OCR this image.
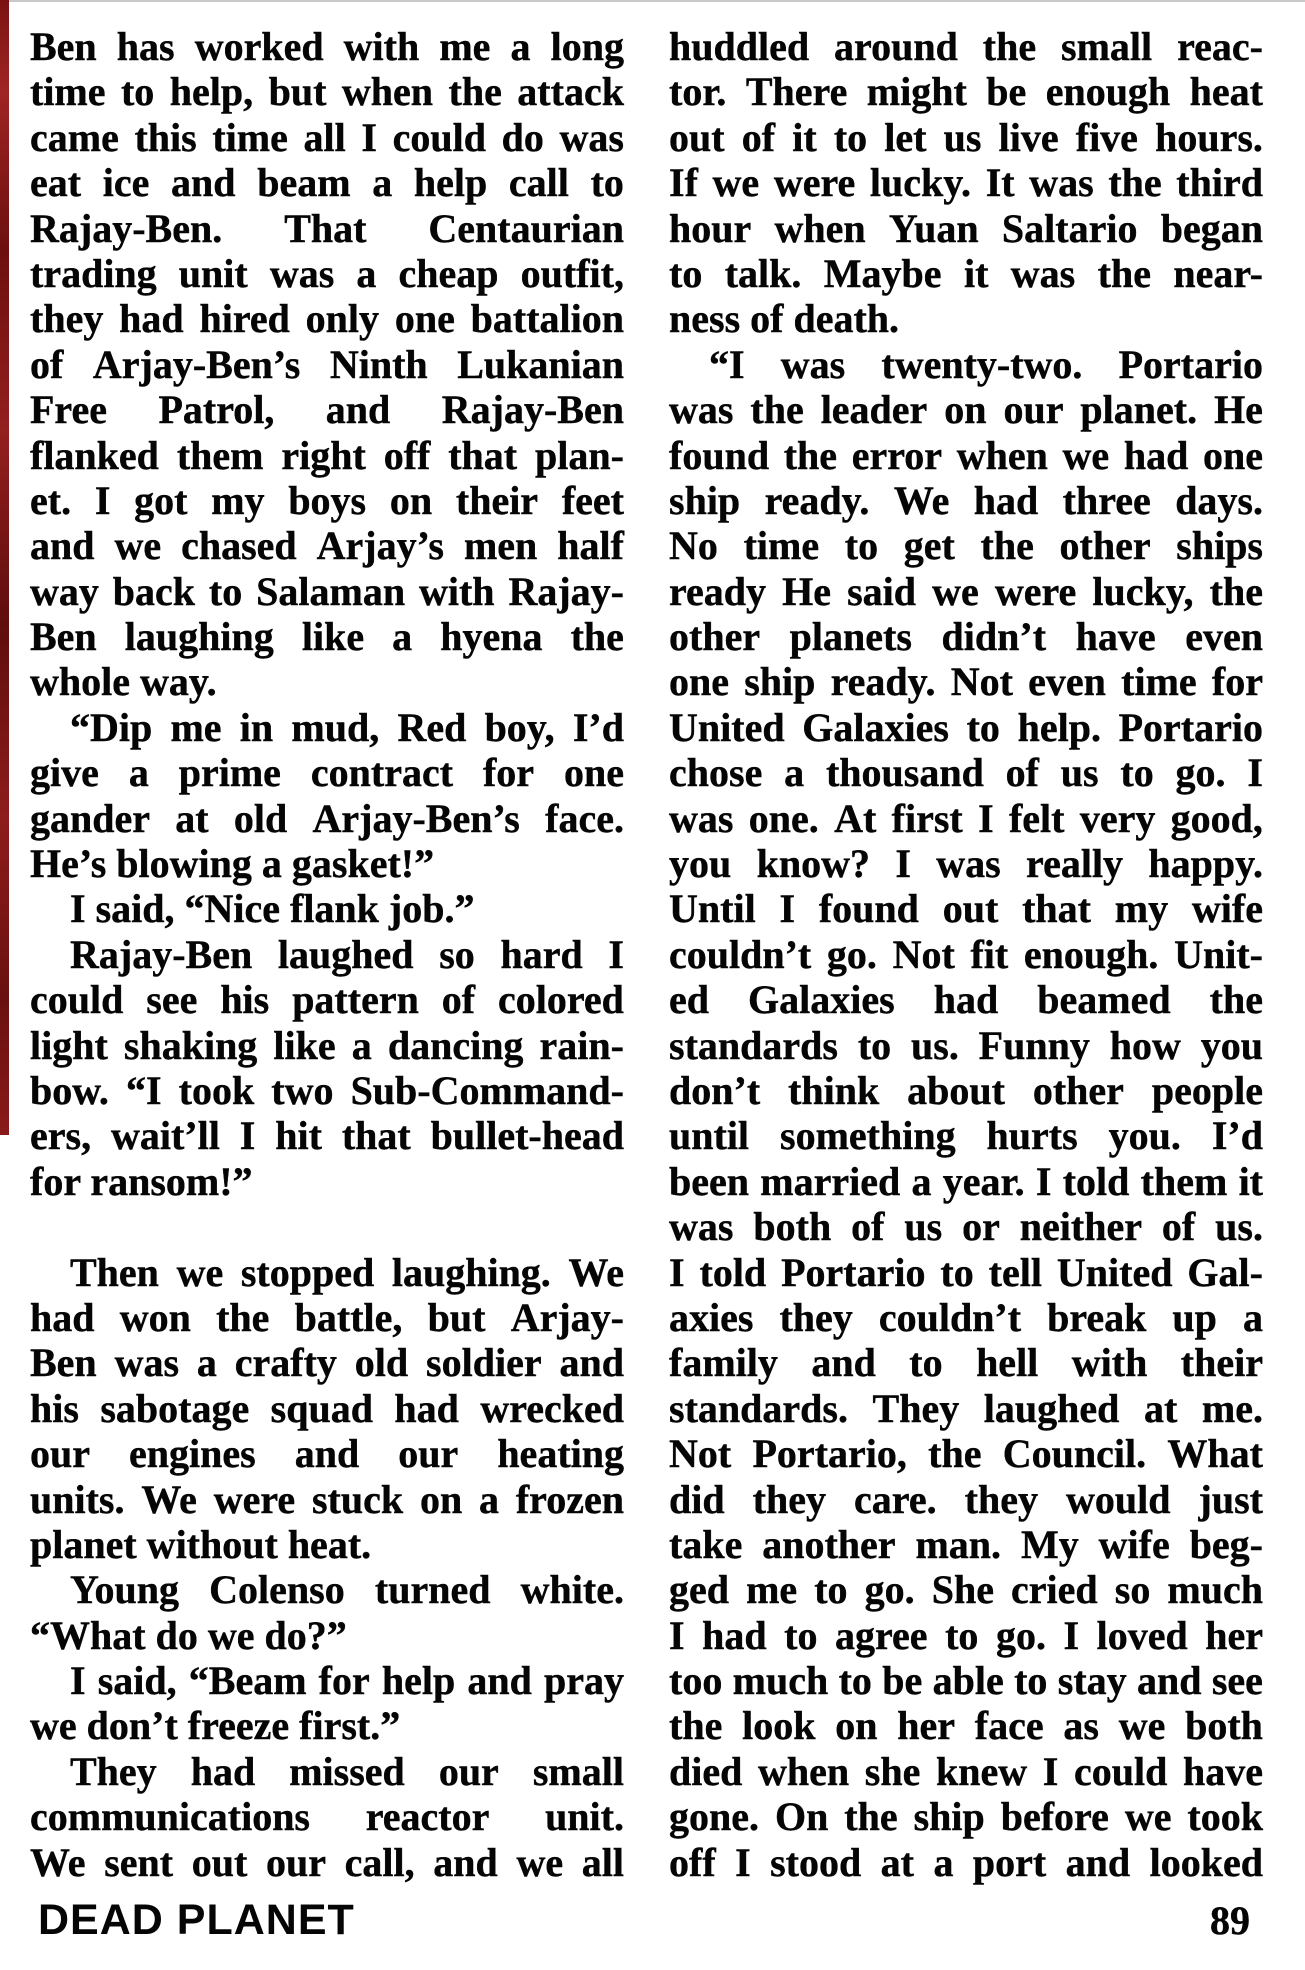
Ben has worked with me a long
time to help, but when the attack
came this time all I could do was
eat ice and beam a help call to
Rajay-Ben. That Centaurian
trading unit was a cheap outfit,
they had hired only one battalion
of Arjay-Ben’s Ninth Lukanian
Free Patrol, and Rajay-Ben
flanked them right off that plan-
et. I got my boys on their feet
and we chased Arjay’s men half
way back to Salaman with Rajay-
Ben laughing like a hyena the
whole way.
“Dip me in mud, Red boy, I’d
give a prime contract for one
gander at old Arjay-Ben’s face.
He’s blowing a gasket!”
I said, “Nice flank job.”
Rajay-Ben laughed so hard I
could see his pattern of colored
light shaking like a dancing rain-
bow. “I took two Sub-Command-
ers, wait’ll I hit that bullet-head
for ransom!”
Then we stopped laughing. We
had won the battle, but Arjay-
Ben was a crafty old soldier and
his sabotage squad had wrecked
our engines and our heating
units. We were stuck on a frozen
planet without heat.
Young Colenso turned white.
“What do we do?”
I said, “Beam for help and pray
we don’t freeze first.”
They had missed our small
communications reactor unit.
We sent out our call, and we all
huddled around the small reac-
tor. There might be enough heat
out of it to let us live five hours.
If we were lucky. It was the third
hour when Yuan Saltario began
to talk. Maybe it was the near-
ness of death.
“I was twenty-two. Portario
was the leader on our planet. He
found the error when we had one
ship ready. We had three days.
No time to get the other ships
ready He said we were lucky, the
other planets didn’t have even
one ship ready. Not even time for
United Galaxies to help. Portario
chose a thousand of us to go. I
was one. At first I felt very good,
you know? I was really happy.
Until I found out that my wife
couldn’t go. Not fit enough. Unit-
ed Galaxies had beamed the
standards to us. Funny how you
don’t think about other people
until something hurts you. I’d
been married a year. I told them it
was both of us or neither of us.
I told Portario to tell United Gal-
axies they couldn’t break up a
family and to hell with their
standards. They laughed at me.
Not Portario, the Council. What
did they care. they would just
take another man. My wife beg-
ged me to go. She cried so much
I had to agree to go. I loved her
too much to be able to stay and see
the look on her face as we both
died when she knew I could have
gone. On the ship before we took
off I stood at a port and looked
DEAD PLANET	89
